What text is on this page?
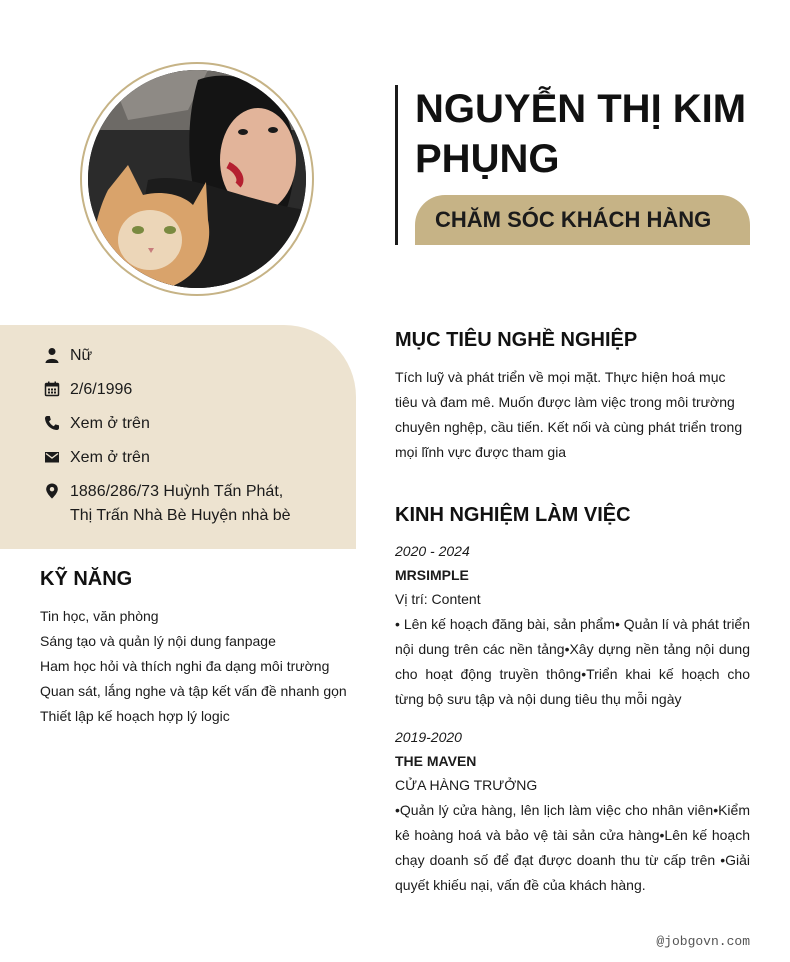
NGUYỄN THỊ KIM PHỤNG
CHĂM SÓC KHÁCH HÀNG
Nữ
2/6/1996
Xem ở trên
Xem ở trên
1886/286/73 Huỳnh Tấn Phát,
Thị Trấn Nhà Bè Huyện nhà bè
KỸ NĂNG
Tin học, văn phòng
Sáng tạo và quản lý nội dung fanpage
Ham học hỏi và thích nghi đa dạng môi trường
Quan sát, lắng nghe và tập kết vấn đề nhanh gọn
Thiết lập kế hoạch hợp lý logic
MỤC TIÊU NGHỀ NGHIỆP

Tích luỹ và phát triển về mọi mặt. Thực hiện hoá mục tiêu và đam mê. Muốn được làm việc trong môi trường chuyên nghệp, cầu tiến. Kết nối và cùng phát triển trong mọi lĩnh vực được tham gia

KINH NGHIỆM LÀM VIỆC
2020 - 2024
MRSIMPLE
Vị trí: Content
• Lên kế hoạch đăng bài, sản phẩm• Quản lí và phát triển nội dung trên các nền tảng•Xây dựng nền tảng nội dung cho hoạt động truyền thông•Triển khai kế hoạch cho từng bộ sưu tập và nội dung tiêu thụ mỗi ngày
2019-2020
THE MAVEN
CỬA HÀNG TRƯỞNG
•Quản lý cửa hàng, lên lịch làm việc cho nhân viên•Kiểm kê hoàng hoá và bảo vệ tài sản cửa hàng•Lên kế hoạch chạy doanh số để đạt được doanh thu từ cấp trên •Giải quyết khiếu nại, vấn đề của khách hàng.
@jobgovn.com
